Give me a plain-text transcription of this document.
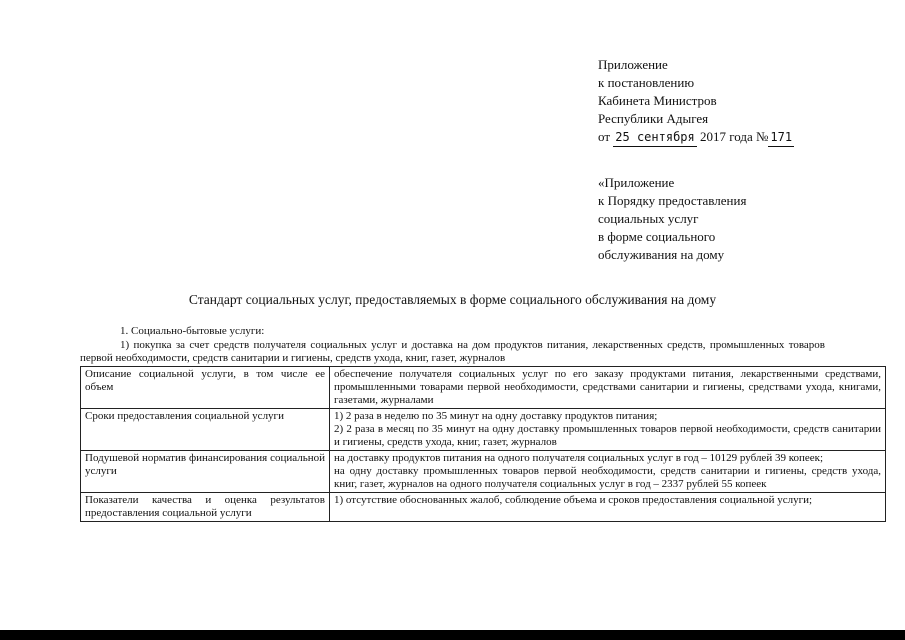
Приложение
к постановлению
Кабинета Министров
Республики Адыгея
от 25 сентября 2017 года № 171
«Приложение
к Порядку предоставления
социальных услуг
в форме социального
обслуживания на дому
Стандарт социальных услуг, предоставляемых в форме социального обслуживания на дому
1. Социально-бытовые услуги:
1) покупка за счет средств получателя социальных услуг и доставка на дом продуктов питания, лекарственных средств, промышленных товаров первой необходимости, средств санитарии и гигиены, средств ухода, книг, газет, журналов
Описание социальной услуги, в том числе ее объем	обеспечение получателя социальных услуг по его заказу продуктами питания, лекарственными средствами, промышленными товарами первой необходимости, средствами санитарии и гигиены, средствами ухода, книгами, газетами, журналами

Сроки предоставления социальной услуги	1) 2 раза в неделю по 35 минут на одну доставку продуктов питания;
2) 2 раза в месяц по 35 минут на одну доставку промышленных товаров первой необходимости, средств санитарии и гигиены, средств ухода, книг, газет, журналов

Подушевой норматив финансирования социальной услуги	на доставку продуктов питания на одного получателя социальных услуг в год – 10129 рублей 39 копеек;
на одну доставку промышленных товаров первой необходимости, средств санитарии и гигиены, средств ухода, книг, газет, журналов на одного получателя социальных услуг в год – 2337 рублей 55 копеек

Показатели качества и оценка результатов предоставления социальной услуги	1) отсутствие обоснованных жалоб, соблюдение объема и сроков предоставления социальной услуги;
